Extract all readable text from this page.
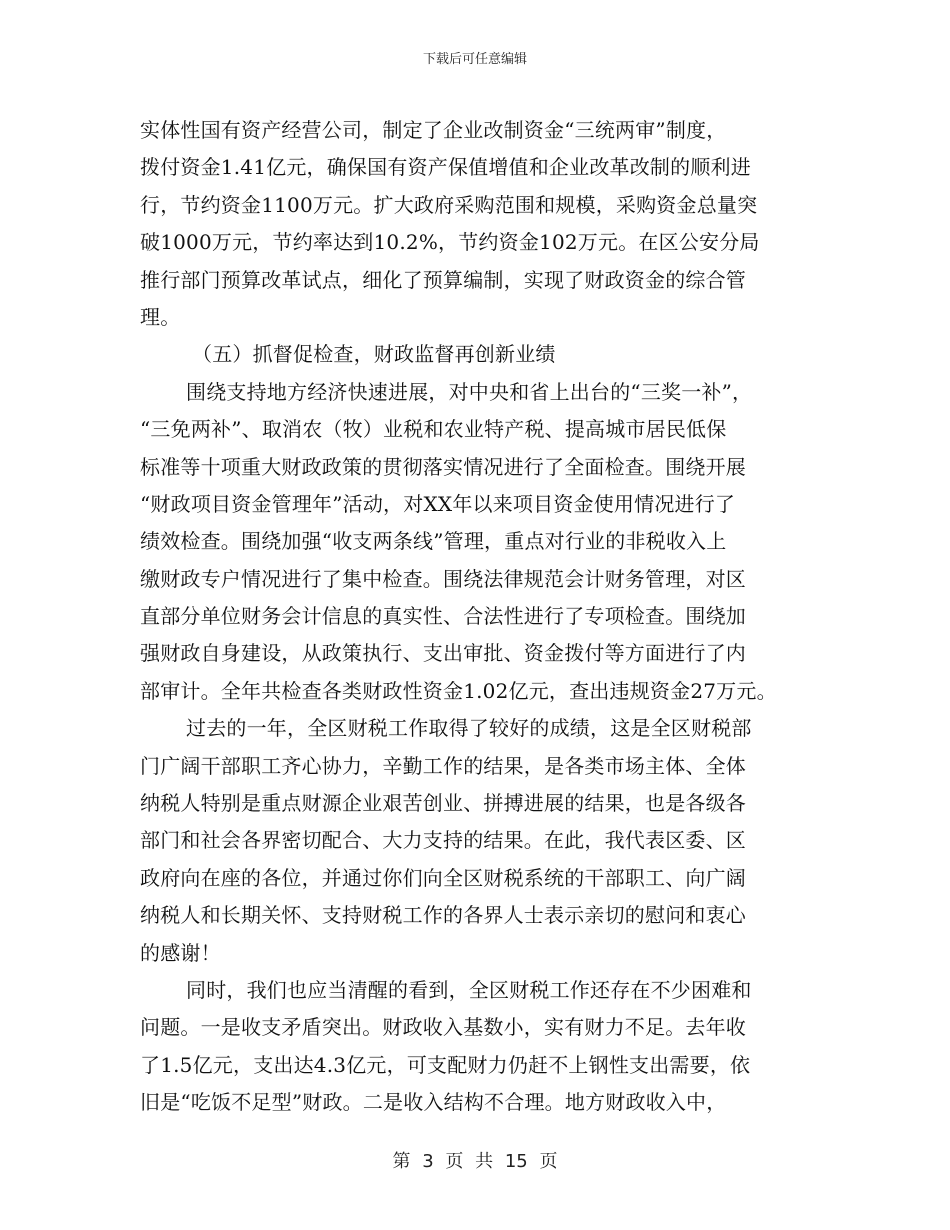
下载后可任意编辑
实体性国有资产经营公司，制定了企业改制资金“三统两审”制度，
拨付资金1.41亿元，确保国有资产保值增值和企业改革改制的顺利进
行，节约资金1100万元。扩大政府采购范围和规模，采购资金总量突
破1000万元，节约率达到10.2%，节约资金102万元。在区公安分局
推行部门预算改革试点，细化了预算编制，实现了财政资金的综合管
理。
（五）抓督促检查，财政监督再创新业绩
围绕支持地方经济快速进展，对中央和省上出台的“三奖一补”，
“三免两补”、取消农（牧）业税和农业特产税、提高城市居民低保
标准等十项重大财政政策的贯彻落实情况进行了全面检查。围绕开展
“财政项目资金管理年”活动，对XX年以来项目资金使用情况进行了
绩效检查。围绕加强“收支两条线”管理，重点对行业的非税收入上
缴财政专户情况进行了集中检查。围绕法律规范会计财务管理，对区
直部分单位财务会计信息的真实性、合法性进行了专项检查。围绕加
强财政自身建设，从政策执行、支出审批、资金拨付等方面进行了内
部审计。全年共检查各类财政性资金1.02亿元，查出违规资金27万元。
过去的一年，全区财税工作取得了较好的成绩，这是全区财税部
门广阔干部职工齐心协力，辛勤工作的结果，是各类市场主体、全体
纳税人特别是重点财源企业艰苦创业、拼搏进展的结果，也是各级各
部门和社会各界密切配合、大力支持的结果。在此，我代表区委、区
政府向在座的各位，并通过你们向全区财税系统的干部职工、向广阔
纳税人和长期关怀、支持财税工作的各界人士表示亲切的慰问和衷心
的感谢！
同时，我们也应当清醒的看到，全区财税工作还存在不少困难和
问题。一是收支矛盾突出。财政收入基数小，实有财力不足。去年收
了1.5亿元，支出达4.3亿元，可支配财力仍赶不上钢性支出需要，依
旧是“吃饭不足型”财政。二是收入结构不合理。地方财政收入中，
第 3 页 共 15 页
